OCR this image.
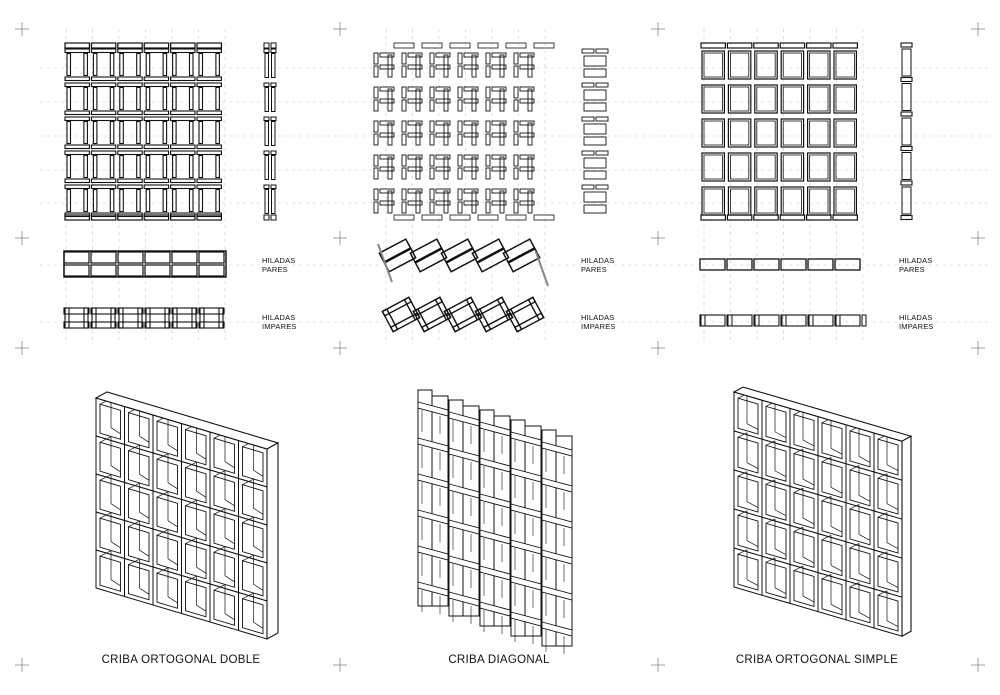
HILADAS
PARES
HILADAS
IMPARES
HILADAS
PARES
HILADAS
IMPARES
HILADAS
PARES
HILADAS
IMPARES
CRIBA ORTOGONAL DOBLE	CRIBA DIAGONAL	CRIBA ORTOGONAL SIMPLE
